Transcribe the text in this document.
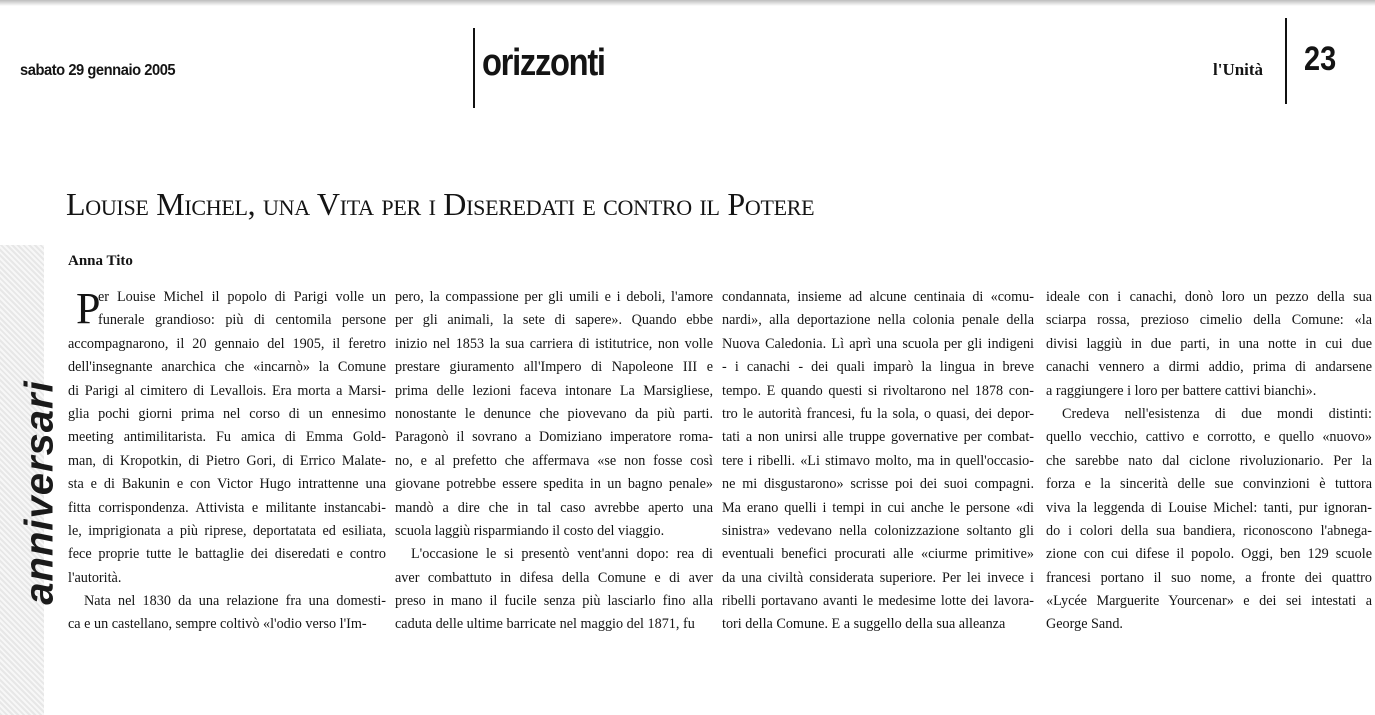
sabato 29 gennaio 2005	orizzonti	l'Unità 23
anniversari
Louise Michel, una Vita per i Diseredati e contro il Potere
Anna Tito
P
er Louise Michel il popolo di Parigi volle un
funerale grandioso: più di centomila persone
accompagnarono, il 20 gennaio del 1905, il feretro
dell'insegnante anarchica che «incarnò» la Comune
di Parigi al cimitero di Levallois. Era morta a Marsi-
glia pochi giorni prima nel corso di un ennesimo
meeting antimilitarista. Fu amica di Emma Gold-
man, di Kropotkin, di Pietro Gori, di Errico Malate-
sta e di Bakunin e con Victor Hugo intrattenne una
fitta corrispondenza. Attivista e militante instancabi-
le, imprigionata a più riprese, deportatata ed esiliata,
fece proprie tutte le battaglie dei diseredati e contro
l'autorità.
Nata nel 1830 da una relazione fra una domesti-
ca e un castellano, sempre coltivò «l'odio verso l'Im-
pero, la compassione per gli umili e i deboli, l'amore
per gli animali, la sete di sapere». Quando ebbe
inizio nel 1853 la sua carriera di istitutrice, non volle
prestare giuramento all'Impero di Napoleone III e
prima delle lezioni faceva intonare La Marsigliese,
nonostante le denunce che piovevano da più parti.
Paragonò il sovrano a Domiziano imperatore roma-
no, e al prefetto che affermava «se non fosse così
giovane potrebbe essere spedita in un bagno penale»
mandò a dire che in tal caso avrebbe aperto una
scuola laggiù risparmiando il costo del viaggio.
L'occasione le si presentò vent'anni dopo: rea di
aver combattuto in difesa della Comune e di aver
preso in mano il fucile senza più lasciarlo fino alla
caduta delle ultime barricate nel maggio del 1871, fu
condannata, insieme ad alcune centinaia di «comu-
nardi», alla deportazione nella colonia penale della
Nuova Caledonia. Lì aprì una scuola per gli indigeni
- i canachi - dei quali imparò la lingua in breve
tempo. E quando questi si rivoltarono nel 1878 con-
tro le autorità francesi, fu la sola, o quasi, dei depor-
tati a non unirsi alle truppe governative per combat-
tere i ribelli. «Li stimavo molto, ma in quell'occasio-
ne mi disgustarono» scrisse poi dei suoi compagni.
Ma erano quelli i tempi in cui anche le persone «di
sinistra» vedevano nella colonizzazione soltanto gli
eventuali benefici procurati alle «ciurme primitive»
da una civiltà considerata superiore. Per lei invece i
ribelli portavano avanti le medesime lotte dei lavora-
tori della Comune. E a suggello della sua alleanza
ideale con i canachi, donò loro un pezzo della sua
sciarpa rossa, prezioso cimelio della Comune: «la
divisi laggiù in due parti, in una notte in cui due
canachi vennero a dirmi addio, prima di andarsene
a raggiungere i loro per battere cattivi bianchi».
Credeva nell'esistenza di due mondi distinti:
quello vecchio, cattivo e corrotto, e quello «nuovo»
che sarebbe nato dal ciclone rivoluzionario. Per la
forza e la sincerità delle sue convinzioni è tuttora
viva la leggenda di Louise Michel: tanti, pur ignoran-
do i colori della sua bandiera, riconoscono l'abnega-
zione con cui difese il popolo. Oggi, ben 129 scuole
francesi portano il suo nome, a fronte dei quattro
«Lycée Marguerite Yourcenar» e dei sei intestati a
George Sand.
